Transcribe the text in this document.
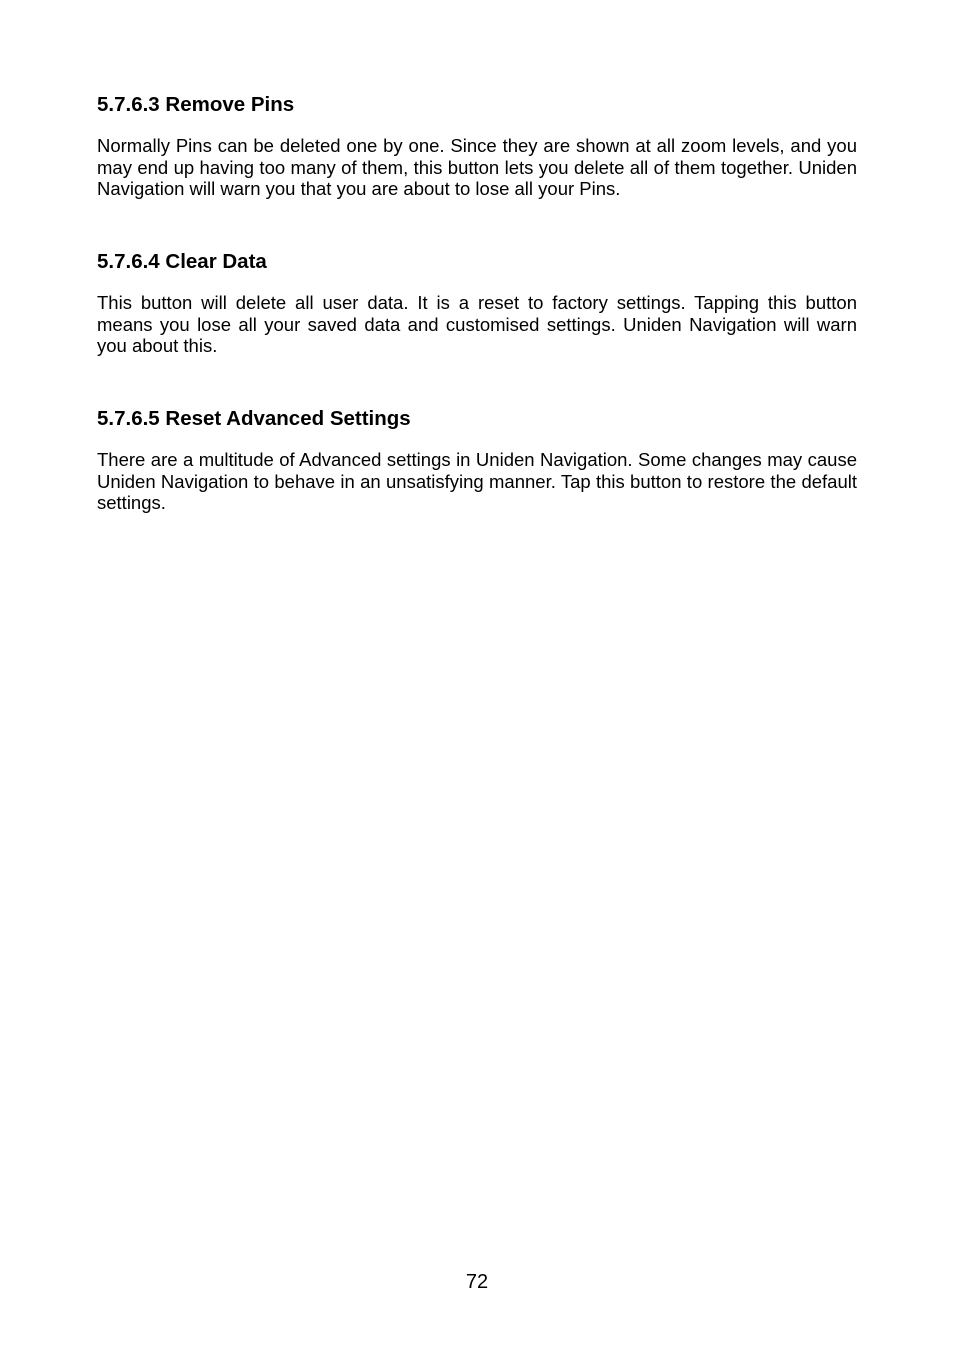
5.7.6.3 Remove Pins

Normally Pins can be deleted one by one. Since they are shown at all zoom levels, and you may end up having too many of them, this button lets you delete all of them together. Uniden Navigation will warn you that you are about to lose all your Pins.

5.7.6.4 Clear Data

This button will delete all user data. It is a reset to factory settings. Tapping this button means you lose all your saved data and customised settings. Uniden Navigation will warn you about this.

5.7.6.5 Reset Advanced Settings

There are a multitude of Advanced settings in Uniden Navigation. Some changes may cause Uniden Navigation to behave in an unsatisfying manner. Tap this button to restore the default settings.

72
